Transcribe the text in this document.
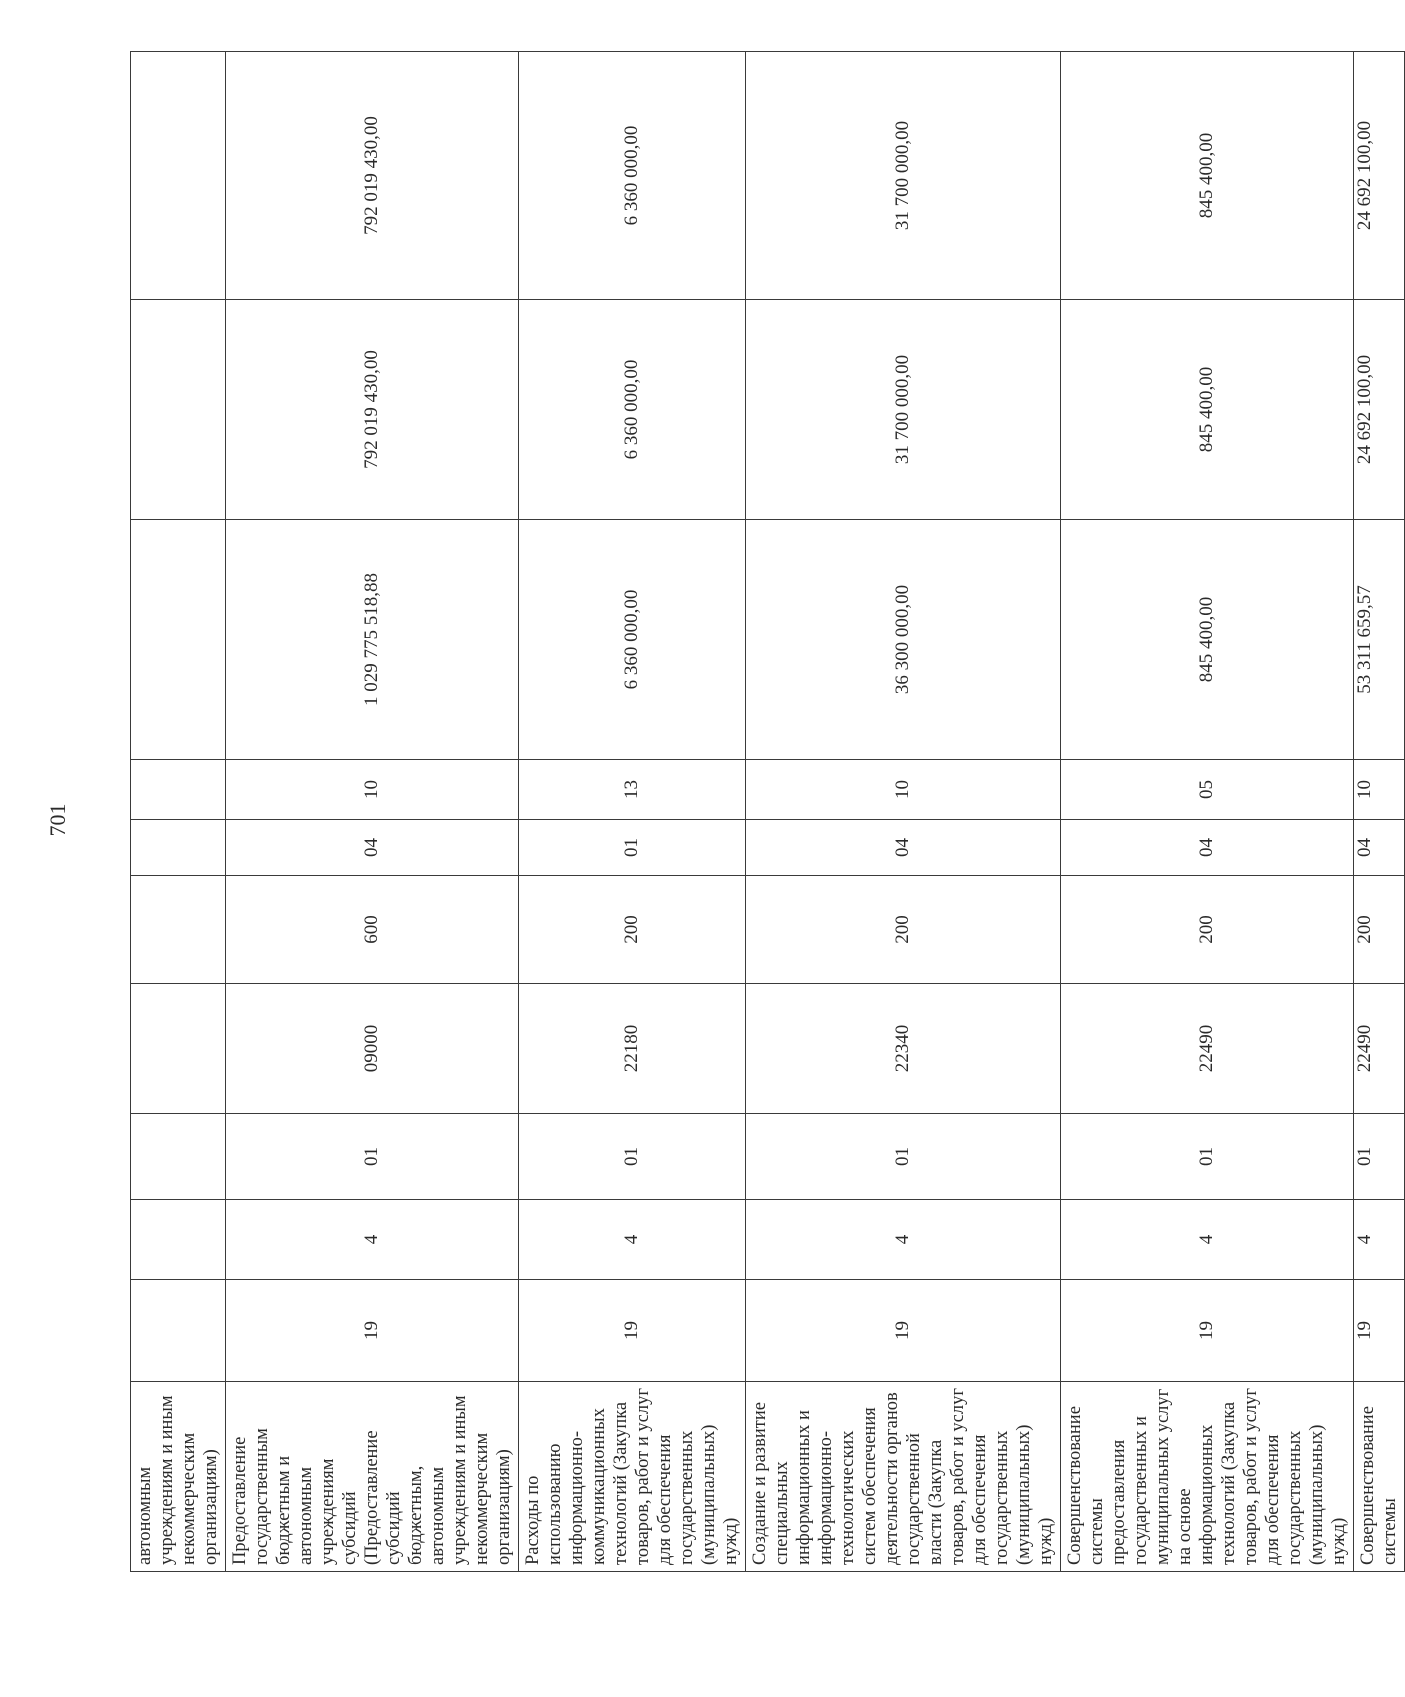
701
автономным учреждениям и иным некоммерческим организациям)										
Предоставление государственным бюджетным и автономным учреждениям субсидий (Предоставление субсидий бюджетным, автономным учреждениям и иным некоммерческим организациям)	19	4	01	09000	600	04	10	1 029 775 518,88	792 019 430,00	792 019 430,00
Расходы по использованию информационно-коммуникационных технологий (Закупка товаров, работ и услуг для обеспечения государственных (муниципальных) нужд)	19	4	01	22180	200	01	13	6 360 000,00	6 360 000,00	6 360 000,00
Создание и развитие специальных информационных и информационно-технологических систем обеспечения деятельности органов государственной власти (Закупка товаров, работ и услуг для обеспечения государственных (муниципальных) нужд)	19	4	01	22340	200	04	10	36 300 000,00	31 700 000,00	31 700 000,00
Совершенствование системы предоставления государственных и муниципальных услуг на основе информационных технологий (Закупка товаров, работ и услуг для обеспечения государственных (муниципальных) нужд)	19	4	01	22490	200	04	05	845 400,00	845 400,00	845 400,00
Совершенствование системы	19	4	01	22490	200	04	10	53 311 659,57	24 692 100,00	24 692 100,00
